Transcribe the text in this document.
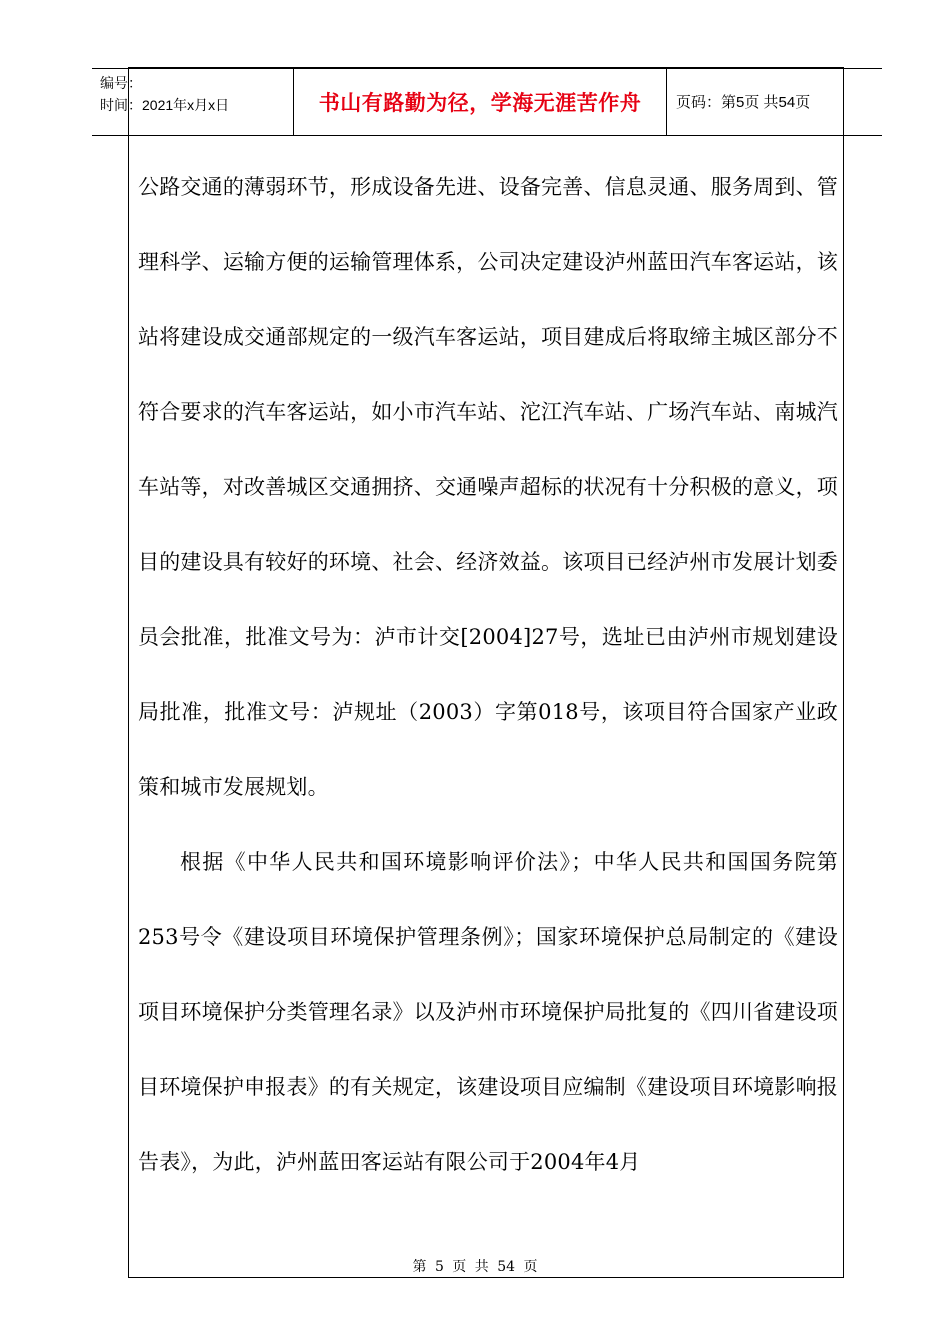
编号：
时间：2021年x月x日	书山有路勤为径，学海无涯苦作舟	页码：第5页 共54页

公路交通的薄弱环节，形成设备先进、设备完善、信息灵通、服务周到、管理科学、运输方便的运输管理体系，公司决定建设泸州蓝田汽车客运站，该站将建设成交通部规定的一级汽车客运站，项目建成后将取缔主城区部分不符合要求的汽车客运站，如小市汽车站、沱江汽车站、广场汽车站、南城汽车站等，对改善城区交通拥挤、交通噪声超标的状况有十分积极的意义，项目的建设具有较好的环境、社会、经济效益。该项目已经泸州市发展计划委员会批准，批准文号为：泸市计交[2004]27号，选址已由泸州市规划建设局批准，批准文号：泸规址（2003）字第018号，该项目符合国家产业政策和城市发展规划。

根据《中华人民共和国环境影响评价法》；中华人民共和国国务院第253号令《建设项目环境保护管理条例》；国家环境保护总局制定的《建设项目环境保护分类管理名录》以及泸州市环境保护局批复的《四川省建设项目环境保护申报表》的有关规定，该建设项目应编制《建设项目环境影响报告表》，为此，泸州蓝田客运站有限公司于2004年4月

第 5 页 共 54 页
